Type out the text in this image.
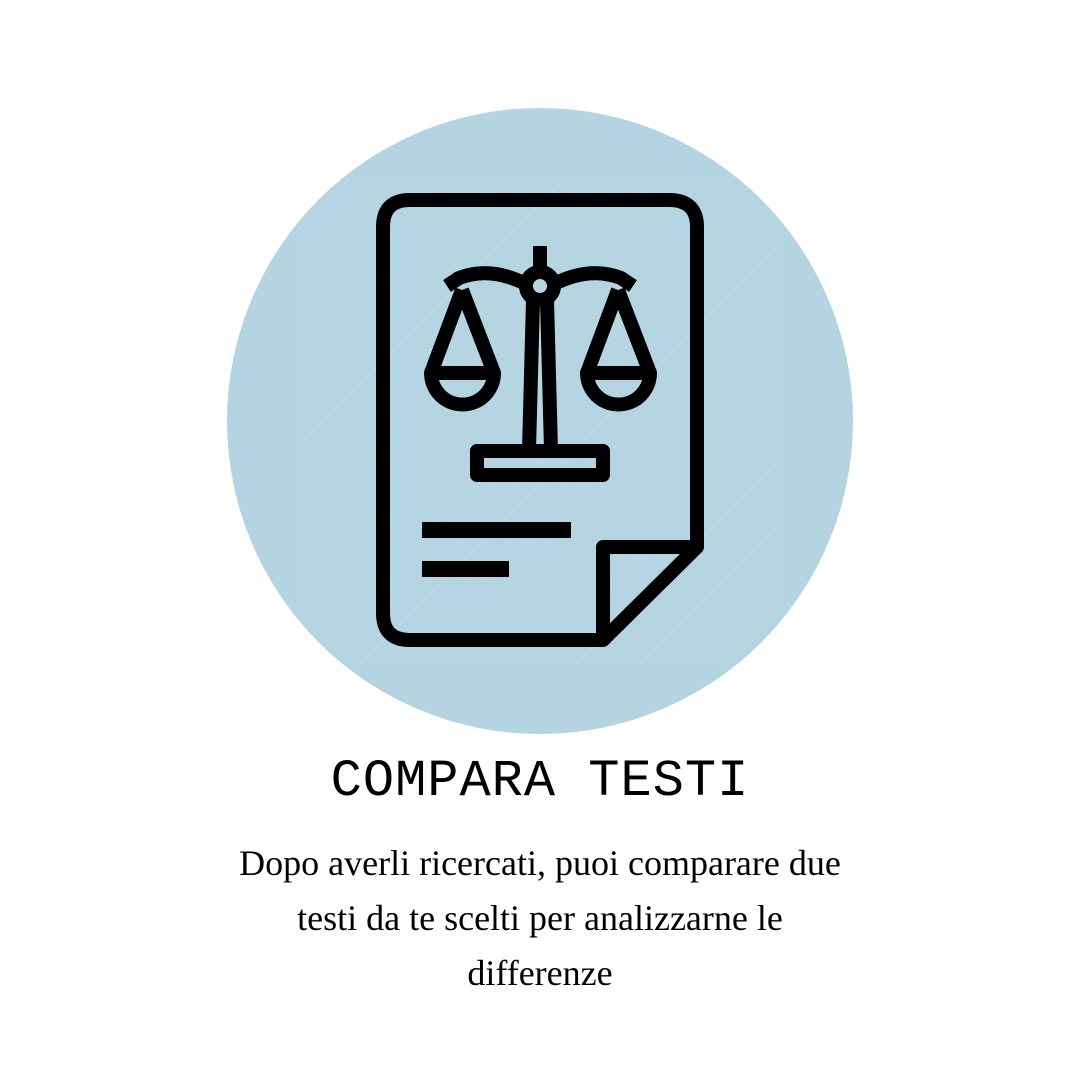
COMPARA TESTI

Dopo averli ricercati, puoi comparare due testi da te scelti per analizzarne le differenze
